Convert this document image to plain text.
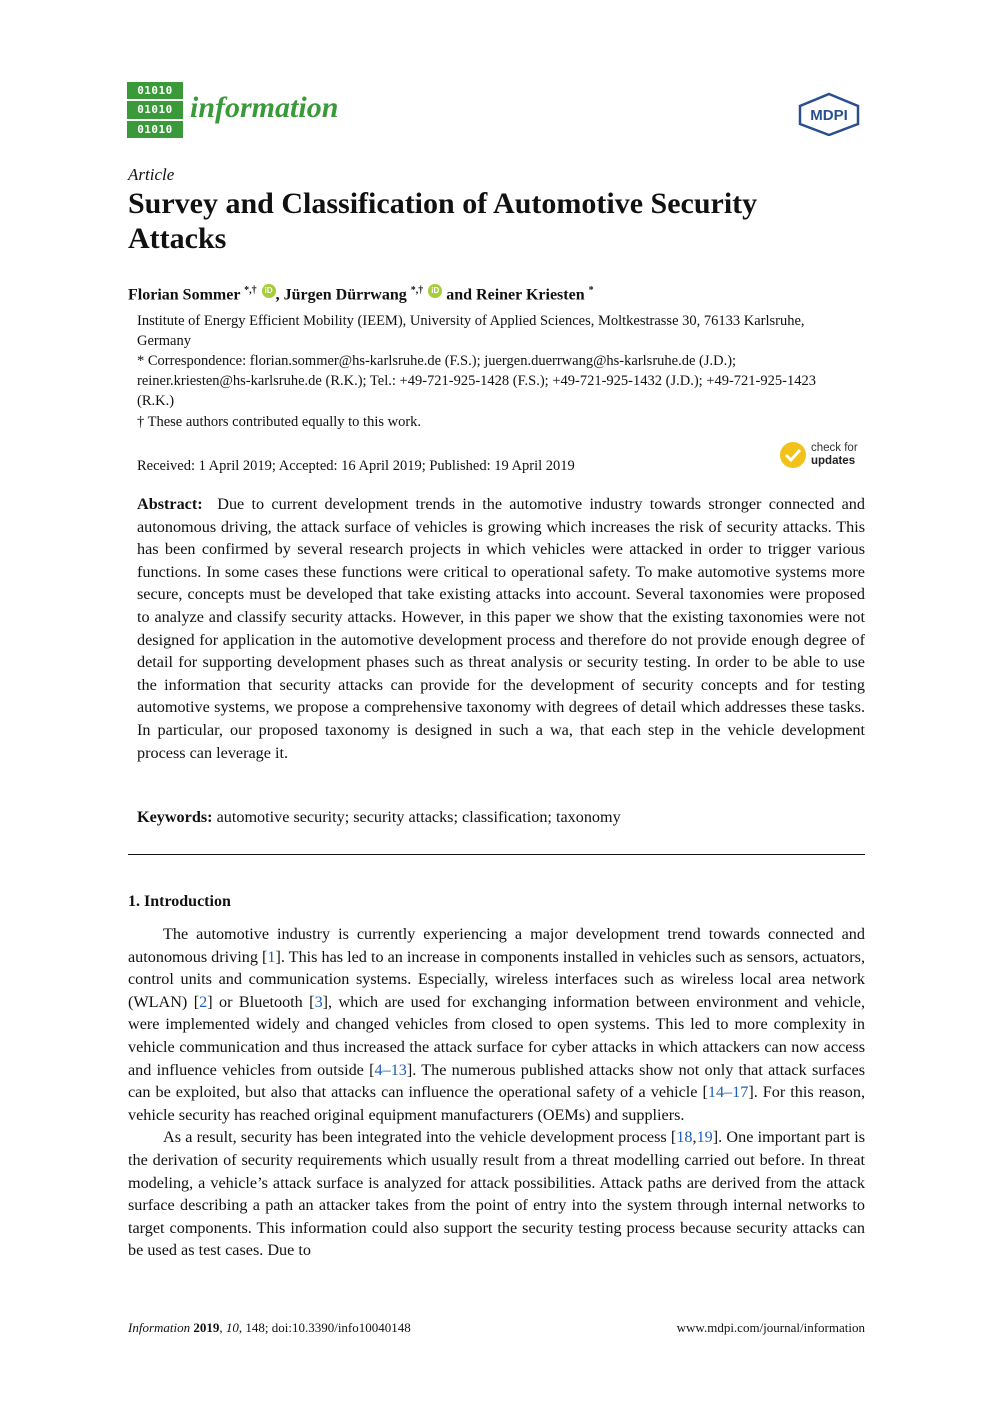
01010
01010
01010
information	MDPI
Article
Survey and Classification of Automotive Security Attacks
Florian Sommer *,† iD , Jürgen Dürrwang *,† iD and Reiner Kriesten *
Institute of Energy Efficient Mobility (IEEM), University of Applied Sciences, Moltkestrasse 30, 76133 Karlsruhe, Germany
* Correspondence: florian.sommer@hs-karlsruhe.de (F.S.); juergen.duerrwang@hs-karlsruhe.de (J.D.); reiner.kriesten@hs-karlsruhe.de (R.K.); Tel.: +49-721-925-1428 (F.S.); +49-721-925-1432 (J.D.); +49-721-925-1423 (R.K.)
† These authors contributed equally to this work.
Received: 1 April 2019; Accepted: 16 April 2019; Published: 19 April 2019
check for
updates
Abstract: Due to current development trends in the automotive industry towards stronger connected and autonomous driving, the attack surface of vehicles is growing which increases the risk of security attacks. This has been confirmed by several research projects in which vehicles were attacked in order to trigger various functions. In some cases these functions were critical to operational safety. To make automotive systems more secure, concepts must be developed that take existing attacks into account. Several taxonomies were proposed to analyze and classify security attacks. However, in this paper we show that the existing taxonomies were not designed for application in the automotive development process and therefore do not provide enough degree of detail for supporting development phases such as threat analysis or security testing. In order to be able to use the information that security attacks can provide for the development of security concepts and for testing automotive systems, we propose a comprehensive taxonomy with degrees of detail which addresses these tasks. In particular, our proposed taxonomy is designed in such a wa, that each step in the vehicle development process can leverage it.
Keywords: automotive security; security attacks; classification; taxonomy
1. Introduction

The automotive industry is currently experiencing a major development trend towards connected and autonomous driving [1]. This has led to an increase in components installed in vehicles such as sensors, actuators, control units and communication systems. Especially, wireless interfaces such as wireless local area network (WLAN) [2] or Bluetooth [3], which are used for exchanging information between environment and vehicle, were implemented widely and changed vehicles from closed to open systems. This led to more complexity in vehicle communication and thus increased the attack surface for cyber attacks in which attackers can now access and influence vehicles from outside [4–13]. The numerous published attacks show not only that attack surfaces can be exploited, but also that attacks can influence the operational safety of a vehicle [14–17]. For this reason, vehicle security has reached original equipment manufacturers (OEMs) and suppliers.

As a result, security has been integrated into the vehicle development process [18,19]. One important part is the derivation of security requirements which usually result from a threat modelling carried out before. In threat modeling, a vehicle’s attack surface is analyzed for attack possibilities. Attack paths are derived from the attack surface describing a path an attacker takes from the point of entry into the system through internal networks to target components. This information could also support the security testing process because security attacks can be used as test cases. Due to

Information 2019, 10, 148; doi:10.3390/info10040148	www.mdpi.com/journal/information
